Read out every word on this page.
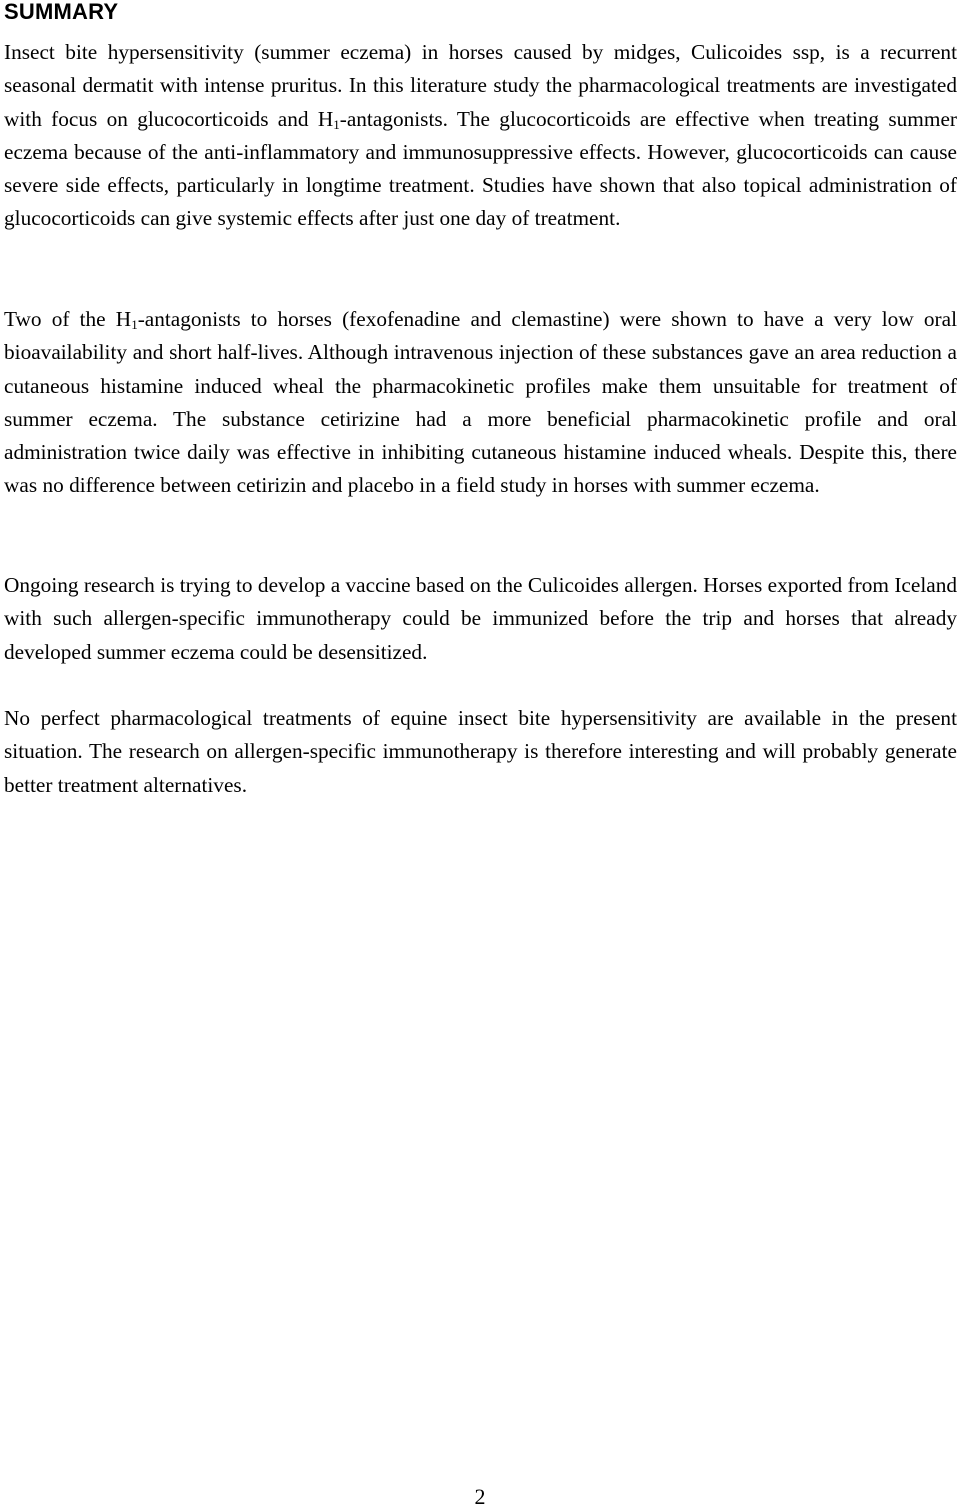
SUMMARY

Insect bite hypersensitivity (summer eczema) in horses caused by midges, Culicoides ssp, is a recurrent seasonal dermatit with intense pruritus. In this literature study the pharmacological treatments are investigated with focus on glucocorticoids and $H_1$-antagonists. The glucocorticoids are effective when treating summer eczema because of the anti-inflammatory and immunosuppressive effects. However, glucocorticoids can cause severe side effects, particularly in longtime treatment. Studies have shown that also topical administration of glucocorticoids can give systemic effects after just one day of treatment.

Two of the $H_1$-antagonists to horses (fexofenadine and clemastine) were shown to have a very low oral bioavailability and short half-lives. Although intravenous injection of these substances gave an area reduction a cutaneous histamine induced wheal the pharmacokinetic profiles make them unsuitable for treatment of summer eczema. The substance cetirizine had a more beneficial pharmacokinetic profile and oral administration twice daily was effective in inhibiting cutaneous histamine induced wheals. Despite this, there was no difference between cetirizin and placebo in a field study in horses with summer eczema.

Ongoing research is trying to develop a vaccine based on the Culicoides allergen. Horses exported from Iceland with such allergen-specific immunotherapy could be immunized before the trip and horses that already developed summer eczema could be desensitized.

No perfect pharmacological treatments of equine insect bite hypersensitivity are available in the present situation. The research on allergen-specific immunotherapy is therefore interesting and will probably generate better treatment alternatives.

2
